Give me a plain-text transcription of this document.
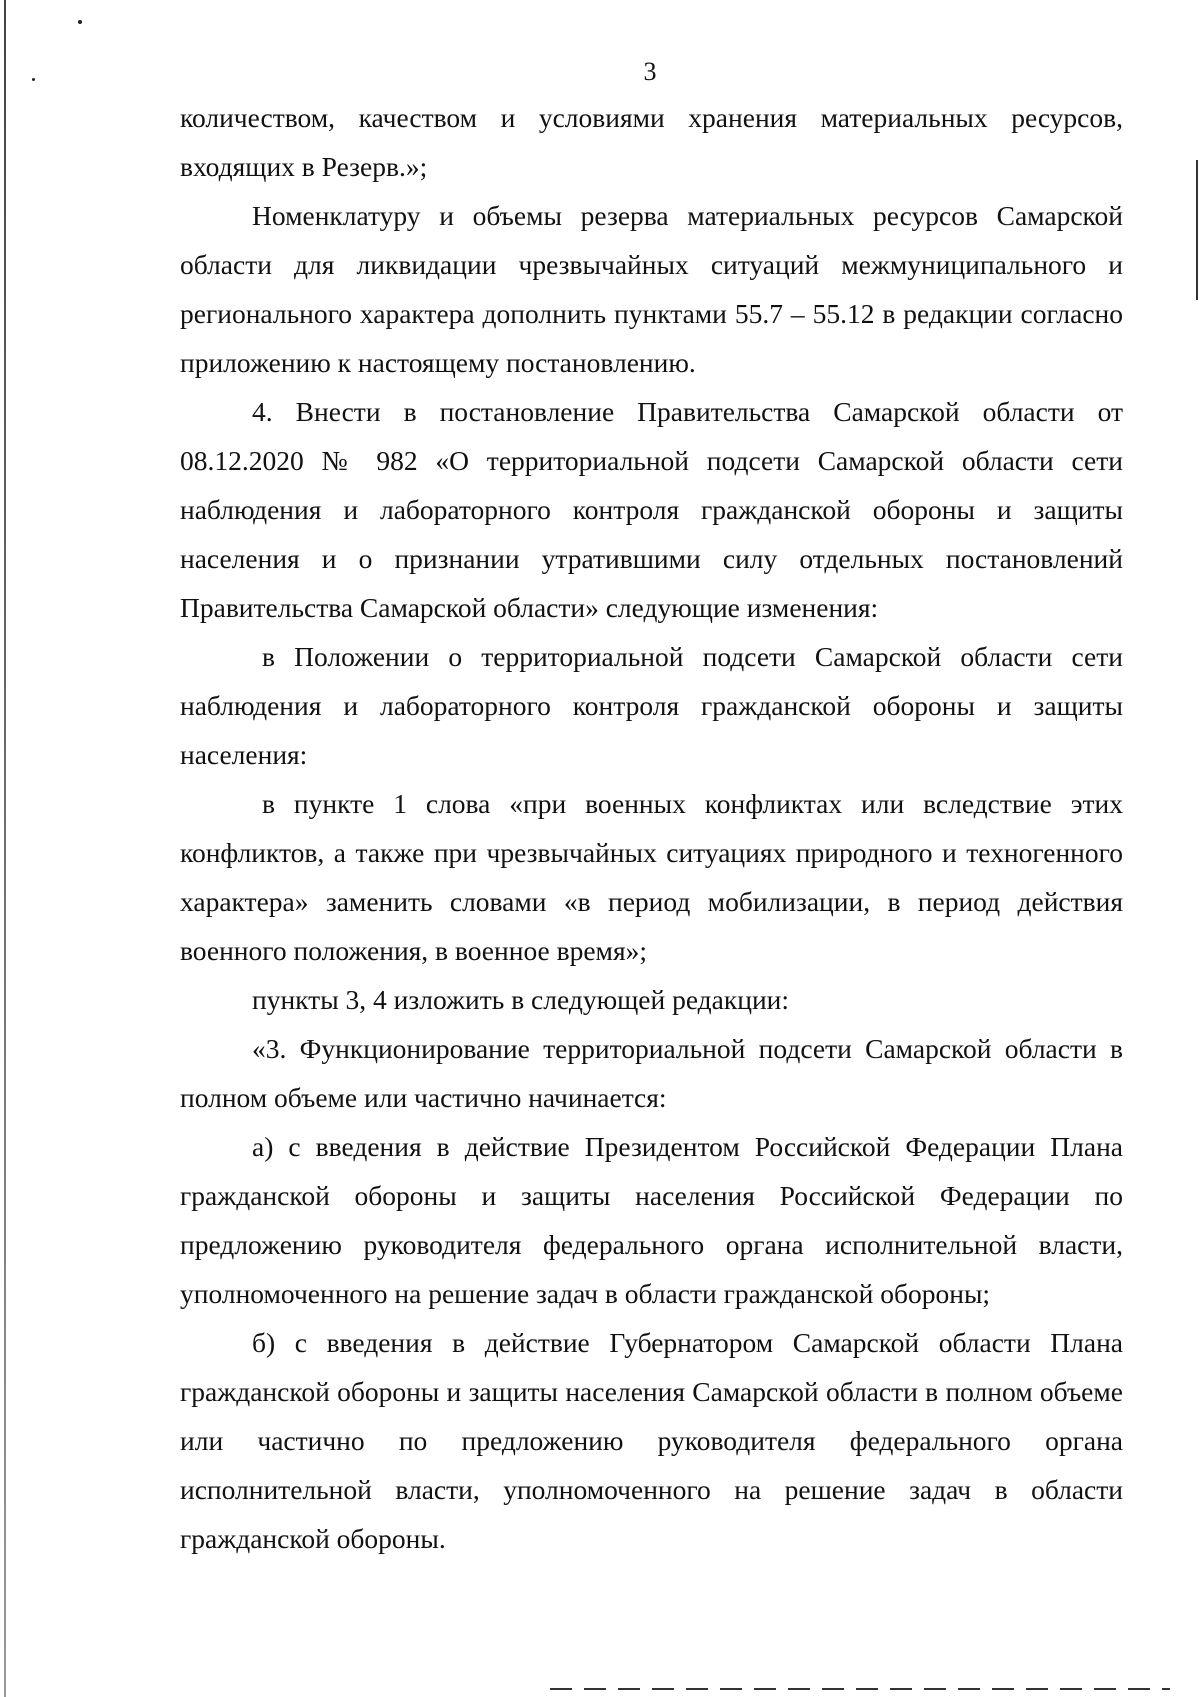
3

количеством, качеством и условиями хранения материальных ресурсов, входящих в Резерв.»;

Номенклатуру и объемы резерва материальных ресурсов Самарской области для ликвидации чрезвычайных ситуаций межмуниципального и регионального характера дополнить пунктами 55.7 – 55.12 в редакции согласно приложению к настоящему постановлению.

4. Внести в постановление Правительства Самарской области от 08.12.2020 № 982 «О территориальной подсети Самарской области сети наблюдения и лабораторного контроля гражданской обороны и защиты населения и о признании утратившими силу отдельных постановлений Правительства Самарской области» следующие изменения:

в Положении о территориальной подсети Самарской области сети наблюдения и лабораторного контроля гражданской обороны и защиты населения:

в пункте 1 слова «при военных конфликтах или вследствие этих конфликтов, а также при чрезвычайных ситуациях природного и техногенного характера» заменить словами «в период мобилизации, в период действия военного положения, в военное время»;

пункты 3, 4 изложить в следующей редакции:

«3. Функционирование территориальной подсети Самарской области в полном объеме или частично начинается:

а) с введения в действие Президентом Российской Федерации Плана гражданской обороны и защиты населения Российской Федерации по предложению руководителя федерального органа исполнительной власти, уполномоченного на решение задач в области гражданской обороны;

б) с введения в действие Губернатором Самарской области Плана гражданской обороны и защиты населения Самарской области в полном объеме или частично по предложению руководителя федерального органа исполнительной власти, уполномоченного на решение задач в области гражданской обороны.
